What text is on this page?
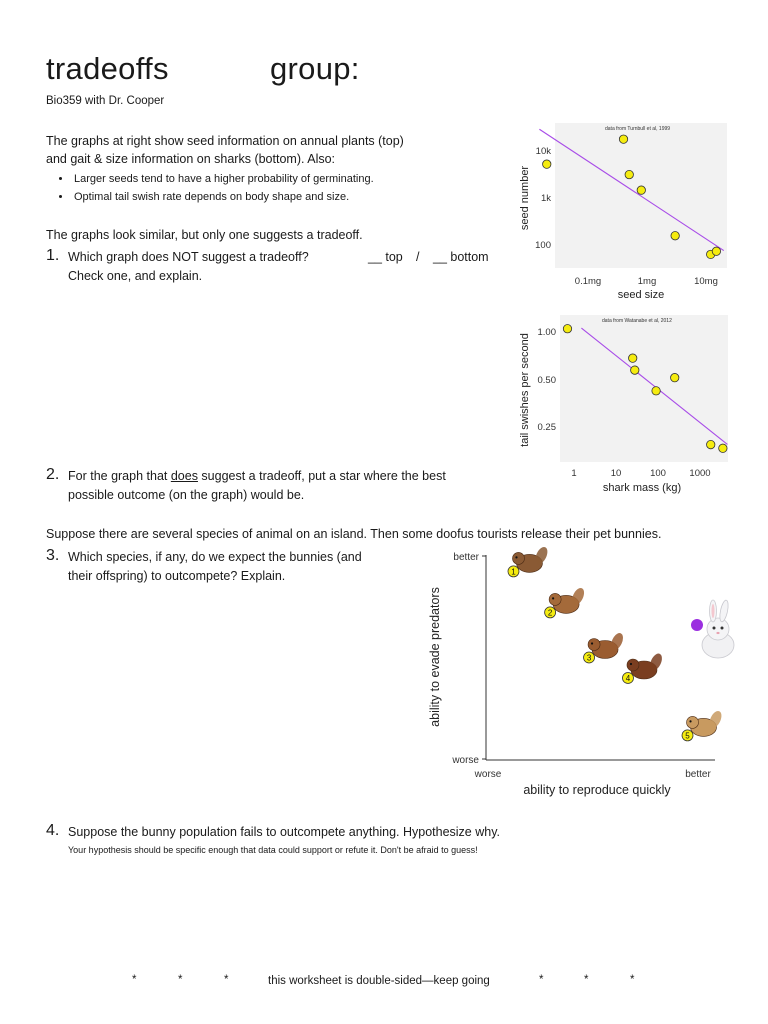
tradeoffs	group:
Bio359 with Dr. Cooper
The graphs at right show seed information on annual plants (top)
and gait & size information on sharks (bottom). Also:
• Larger seeds tend to have a higher probability of germinating.
• Optimal tail swish rate depends on body shape and size.
The graphs look similar, but only one suggests a tradeoff.
1. Which graph does NOT suggest a tradeoff?	__ top / __ bottom
Check one, and explain.
data from Turnbull et al, 1999
10k
1k
100
0.1mg	1mg	10mg
seed size
seed number
data from Watanabe et al, 2012
1.00
0.50
0.25
1	10	100 1000
shark mass (kg)
tail swishes per second
2. For the graph that does suggest a tradeoff, put a star where the best
possible outcome (on the graph) would be.
Suppose there are several species of animal on an island. Then some doofus tourists release their pet bunnies.
3. Which species, if any, do we expect the bunnies (and
their offspring) to outcompete? Explain.
better
worse
worse	better
ability to reproduce quickly
ability to evade predators
1
2
3
4
5
4. Suppose the bunny population fails to outcompete anything. Hypothesize why.
Your hypothesis should be specific enough that data could support or refute it. Don't be afraid to guess!
*	*	*	this worksheet is double-sided—keep going	*	*	*
